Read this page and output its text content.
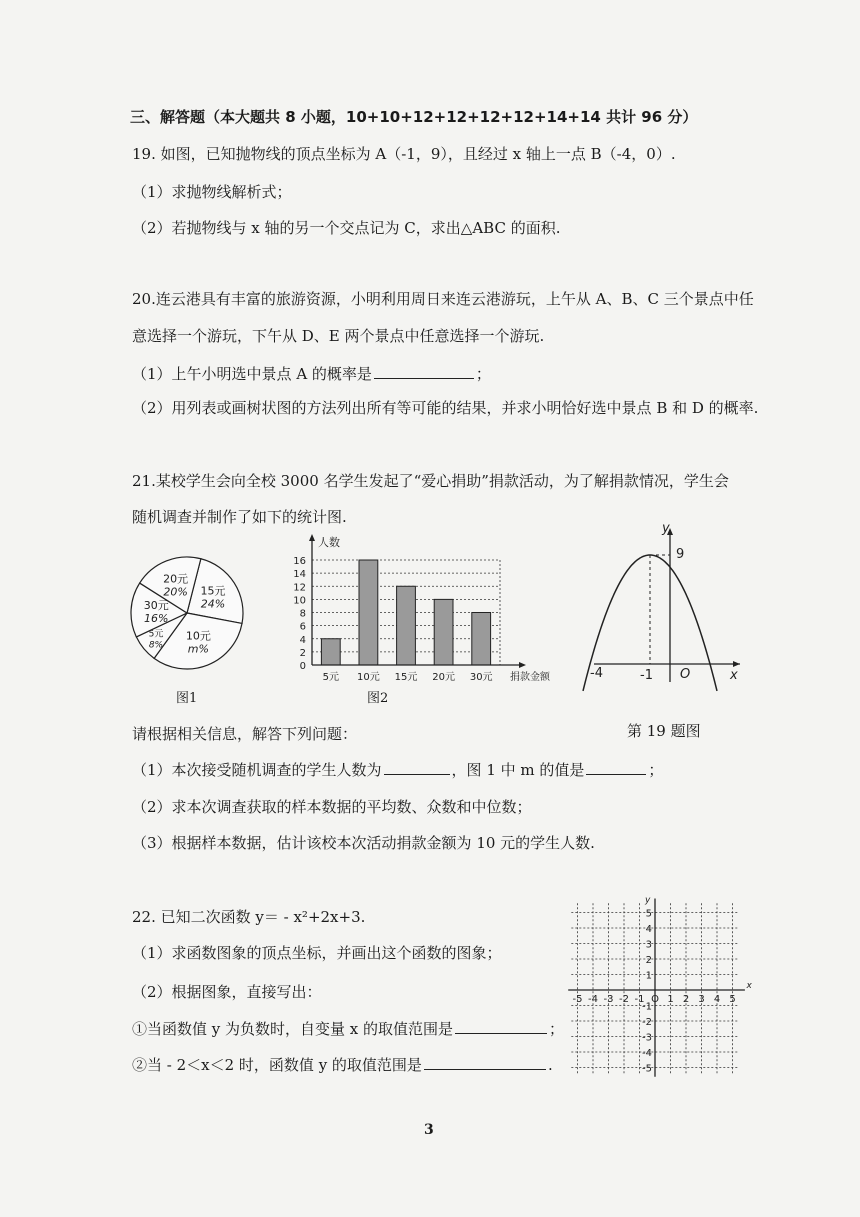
三、解答题（本大题共 8 小题，10+10+12+12+12+12+14+14 共计 96 分）
19. 如图，已知抛物线的顶点坐标为 A（-1，9），且经过 x 轴上一点 B（-4，0）.
（1）求抛物线解析式；
（2）若抛物线与 x 轴的另一个交点记为 C，求出△ABC 的面积.
20.连云港具有丰富的旅游资源，小明利用周日来连云港游玩，上午从 A、B、C 三个景点中任
意选择一个游玩，下午从 D、E 两个景点中任意选择一个游玩.
（1）上午小明选中景点 A 的概率是	；
（2）用列表或画树状图的方法列出所有等可能的结果，并求小明恰好选中景点 B 和 D 的概率.
21.某校学生会向全校 3000 名学生发起了“爱心捐助”捐款活动，为了解捐款情况，学生会
随机调查并制作了如下的统计图.
15元
24%
10元
m%
5元
8%
30元
16%
20元
20%
图1
0
2
4
6
8
10
12
14
16
5元 10元 15元 20元 30元
人数
捐款金额
图2
y
9
x
-4	-1 O
第 19 题图
请根据相关信息，解答下列问题：
（1）本次接受随机调查的学生人数为	，图 1 中 m 的值是	；
（2）求本次调查获取的样本数据的平均数、众数和中位数；
（3）根据样本数据，估计该校本次活动捐款金额为 10 元的学生人数.
22. 已知二次函数 y＝ - x²+2x+3.
（1）求函数图象的顶点坐标，并画出这个函数的图象；
（2）根据图象，直接写出：
①当函数值 y 为负数时，自变量 x 的取值范围是	；
②当 - 2＜x＜2 时，函数值 y 的取值范围是	.
-5 -4 -3 -2 -1 O 1 2 3 4 5
5
4
3
2
1
-1
-2
-3
-4
-5
x
y
3
